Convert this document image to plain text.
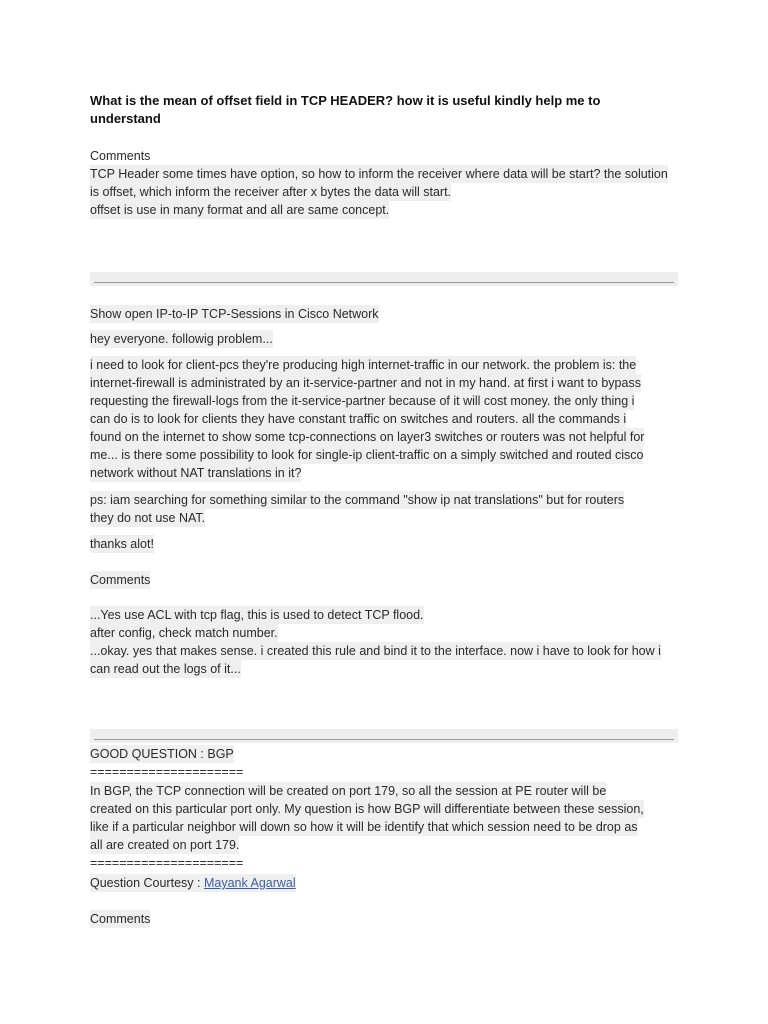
What is the mean of offset field in TCP HEADER? how it is useful kindly help me to
understand
Comments
TCP Header some times have option, so how to inform the receiver where data will be start? the solution
is offset, which inform the receiver after x bytes the data will start.
offset is use in many format and all are same concept.
Show open IP-to-IP TCP-Sessions in Cisco Network
hey everyone. followig problem...
i need to look for client-pcs they're producing high internet-traffic in our network. the problem is: the
internet-firewall is administrated by an it-service-partner and not in my hand. at first i want to bypass
requesting the firewall-logs from the it-service-partner because of it will cost money. the only thing i
can do is to look for clients they have constant traffic on switches and routers. all the commands i
found on the internet to show some tcp-connections on layer3 switches or routers was not helpful for
me... is there some possibility to look for single-ip client-traffic on a simply switched and routed cisco
network without NAT translations in it?
ps: iam searching for something similar to the command "show ip nat translations" but for routers
they do not use NAT.
thanks alot!
Comments
...Yes use ACL with tcp flag, this is used to detect TCP flood.
after config, check match number.
...okay. yes that makes sense. i created this rule and bind it to the interface. now i have to look for how i
can read out the logs of it...
GOOD QUESTION : BGP
=====================
In BGP, the TCP connection will be created on port 179, so all the session at PE router will be
created on this particular port only. My question is how BGP will differentiate between these session,
like if a particular neighbor will down so how it will be identify that which session need to be drop as
all are created on port 179.
=====================
Question Courtesy : Mayank Agarwal
Comments
